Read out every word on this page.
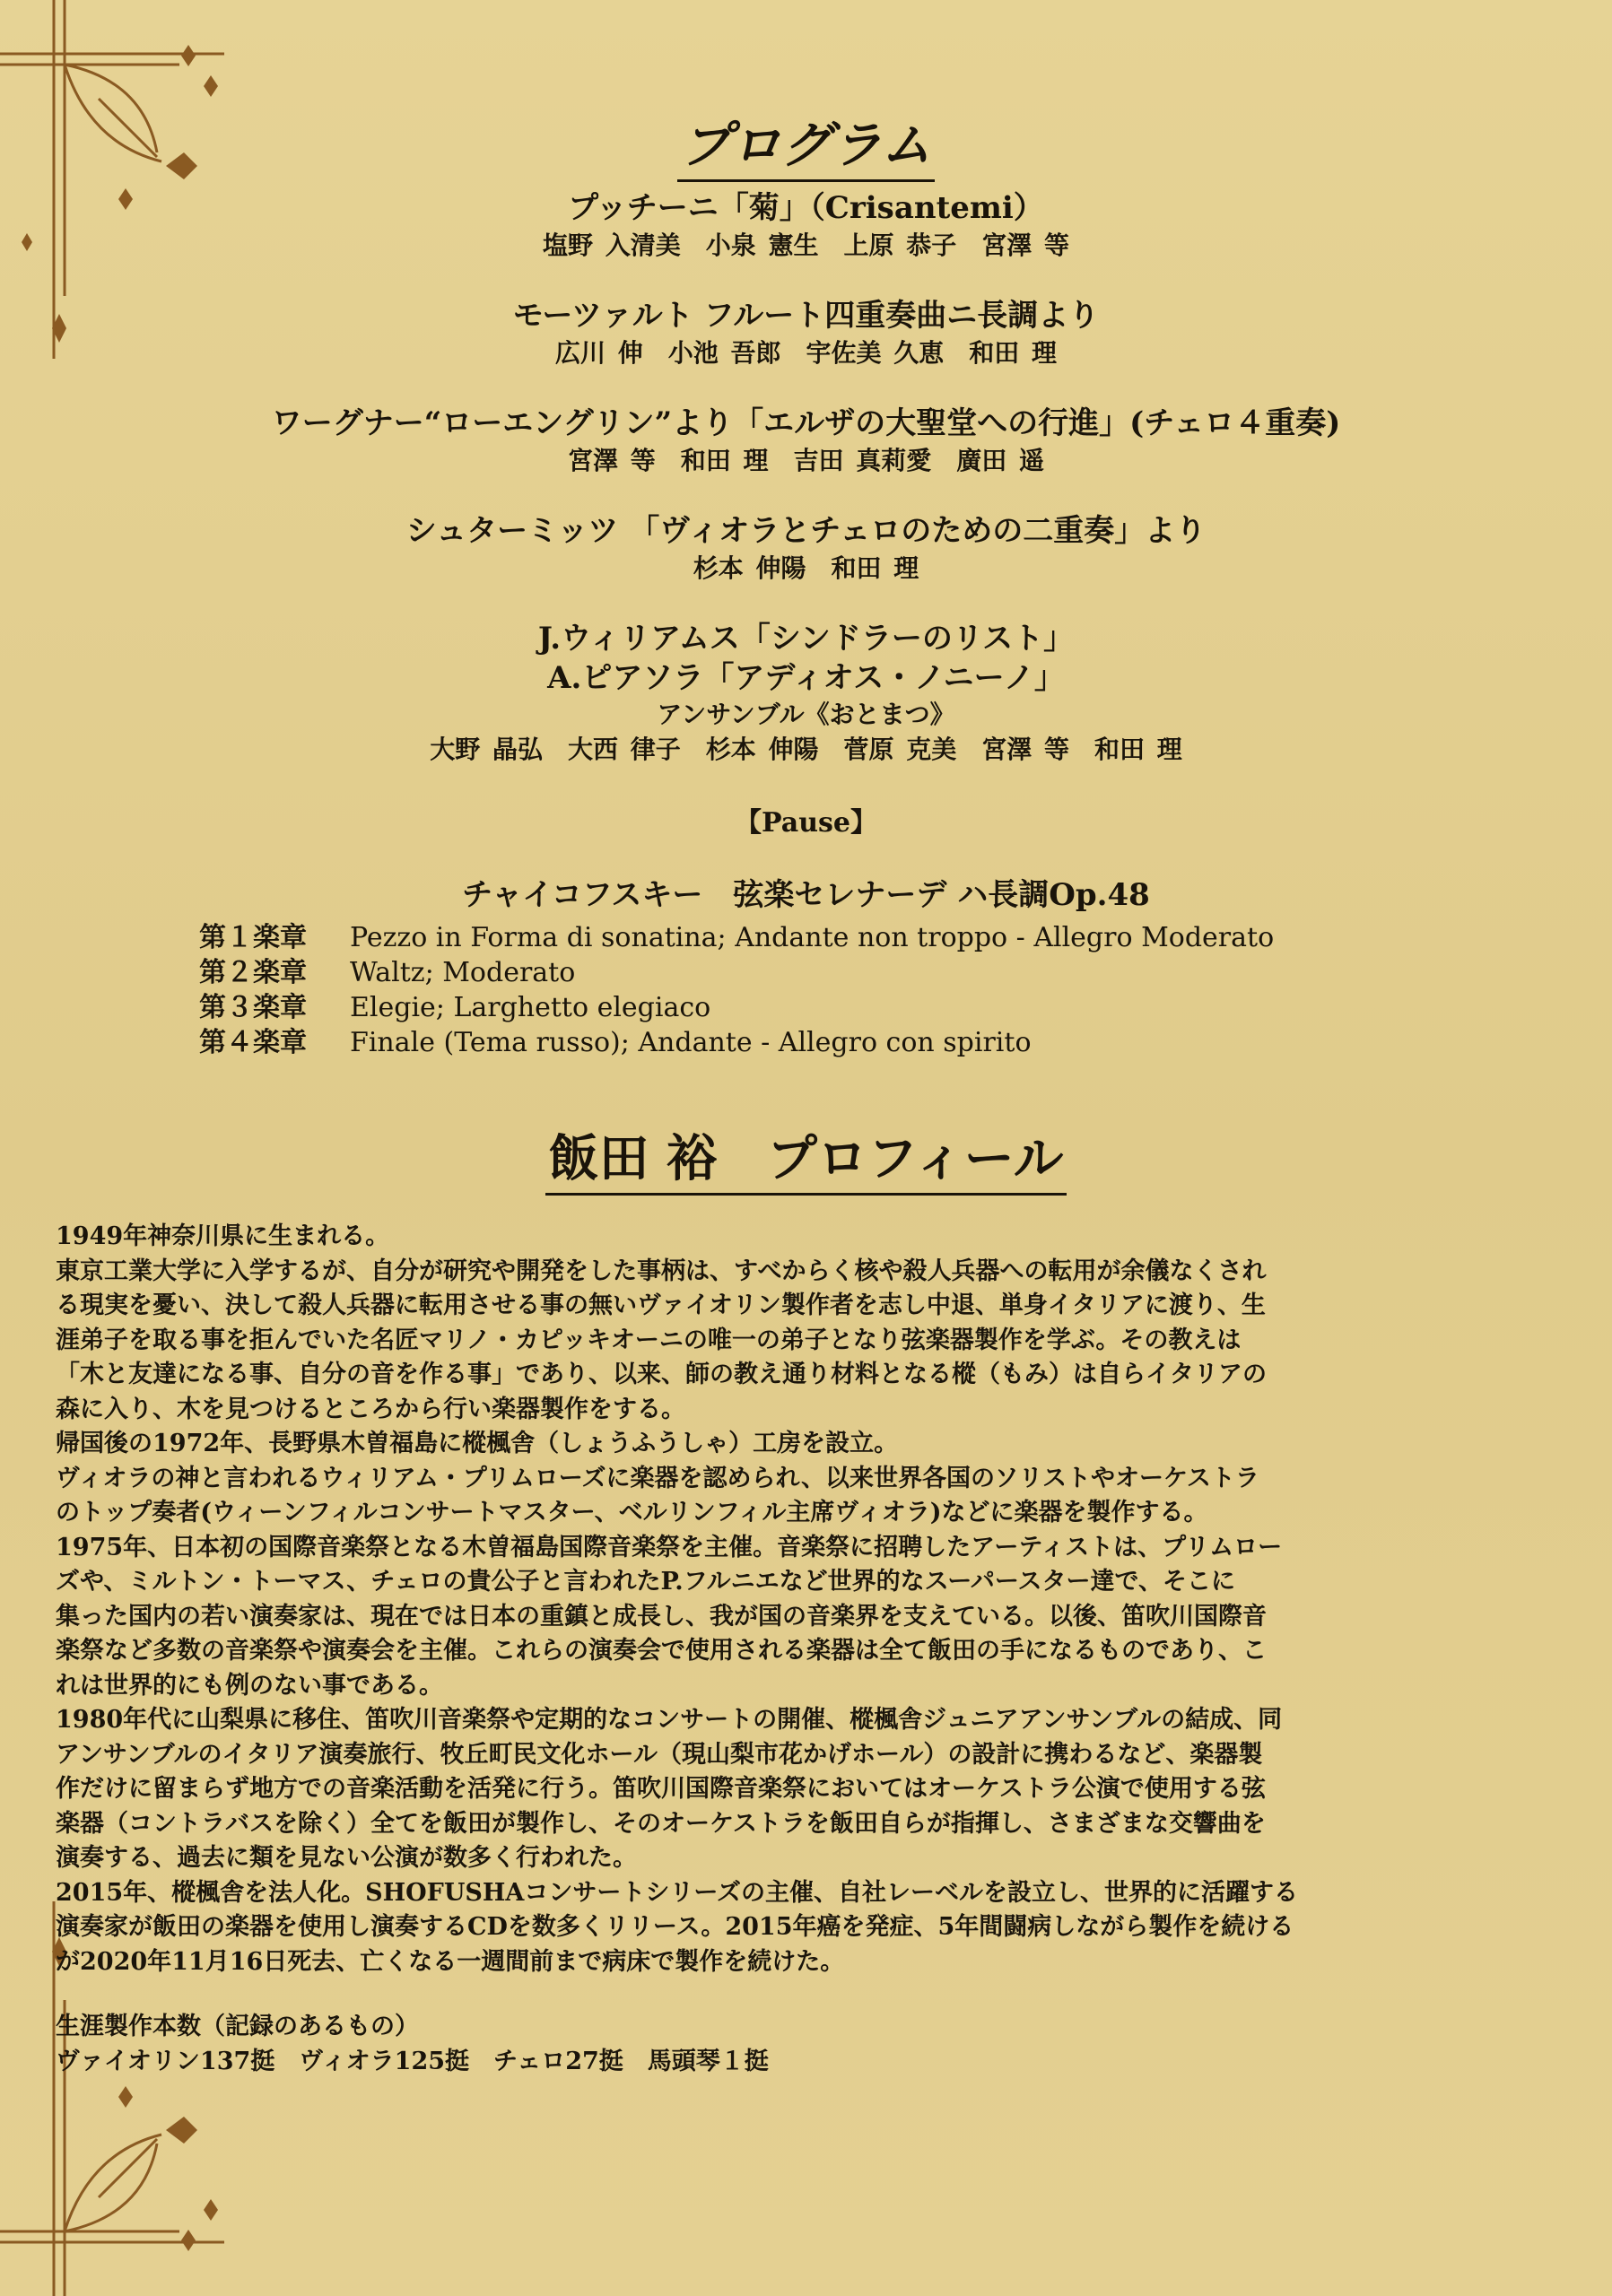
プログラム
プッチーニ「菊」（Crisantemi）
塩野 入清美　小泉 憲生　上原 恭子　宮澤 等
モーツァルト フルート四重奏曲ニ長調より
広川 伸　小池 吾郎　宇佐美 久恵　和田 理
ワーグナー“ローエングリン”より「エルザの大聖堂への行進」(チェロ４重奏)
宮澤 等　和田 理　吉田 真莉愛　廣田 遥
シュターミッツ 「ヴィオラとチェロのための二重奏」より
杉本 伸陽　和田 理
J.ウィリアムス「シンドラーのリスト」
A.ピアソラ「アディオス・ノニーノ」
アンサンブル《おとまつ》
大野 晶弘　大西 律子　杉本 伸陽　菅原 克美　宮澤 等　和田 理
【Pause】
チャイコフスキー　弦楽セレナーデ ハ長調Op.48
第１楽章	Pezzo in Forma di sonatina; Andante non troppo - Allegro Moderato
第２楽章	Waltz; Moderato
第３楽章	Elegie; Larghetto elegiaco
第４楽章	Finale (Tema russo); Andante - Allegro con spirito
飯田 裕　プロフィール

1949年神奈川県に生まれる。

東京工業大学に入学するが、自分が研究や開発をした事柄は、すべからく核や殺人兵器への転用が余儀なくされ

る現実を憂い、決して殺人兵器に転用させる事の無いヴァイオリン製作者を志し中退、単身イタリアに渡り、生

涯弟子を取る事を拒んでいた名匠マリノ・カピッキオーニの唯一の弟子となり弦楽器製作を学ぶ。その教えは

「木と友達になる事、自分の音を作る事」であり、以来、師の教え通り材料となる樅（もみ）は自らイタリアの

森に入り、木を見つけるところから行い楽器製作をする。

帰国後の1972年、長野県木曽福島に樅楓舎（しょうふうしゃ）工房を設立。

ヴィオラの神と言われるウィリアム・プリムローズに楽器を認められ、以来世界各国のソリストやオーケストラ

のトップ奏者(ウィーンフィルコンサートマスター、ベルリンフィル主席ヴィオラ)などに楽器を製作する。

1975年、日本初の国際音楽祭となる木曽福島国際音楽祭を主催。音楽祭に招聘したアーティストは、プリムロー

ズや、ミルトン・トーマス、チェロの貴公子と言われたP.フルニエなど世界的なスーパースター達で、そこに

集った国内の若い演奏家は、現在では日本の重鎮と成長し、我が国の音楽界を支えている。以後、笛吹川国際音

楽祭など多数の音楽祭や演奏会を主催。これらの演奏会で使用される楽器は全て飯田の手になるものであり、こ

れは世界的にも例のない事である。

1980年代に山梨県に移住、笛吹川音楽祭や定期的なコンサートの開催、樅楓舎ジュニアアンサンブルの結成、同

アンサンブルのイタリア演奏旅行、牧丘町民文化ホール（現山梨市花かげホール）の設計に携わるなど、楽器製

作だけに留まらず地方での音楽活動を活発に行う。笛吹川国際音楽祭においてはオーケストラ公演で使用する弦

楽器（コントラバスを除く）全てを飯田が製作し、そのオーケストラを飯田自らが指揮し、さまざまな交響曲を

演奏する、過去に類を見ない公演が数多く行われた。

2015年、樅楓舎を法人化。SHOFUSHAコンサートシリーズの主催、自社レーベルを設立し、世界的に活躍する

演奏家が飯田の楽器を使用し演奏するCDを数多くリリース。2015年癌を発症、5年間闘病しながら製作を続ける

が2020年11月16日死去、亡くなる一週間前まで病床で製作を続けた。

生涯製作本数（記録のあるもの）

ヴァイオリン137挺　ヴィオラ125挺　チェロ27挺　馬頭琴１挺
